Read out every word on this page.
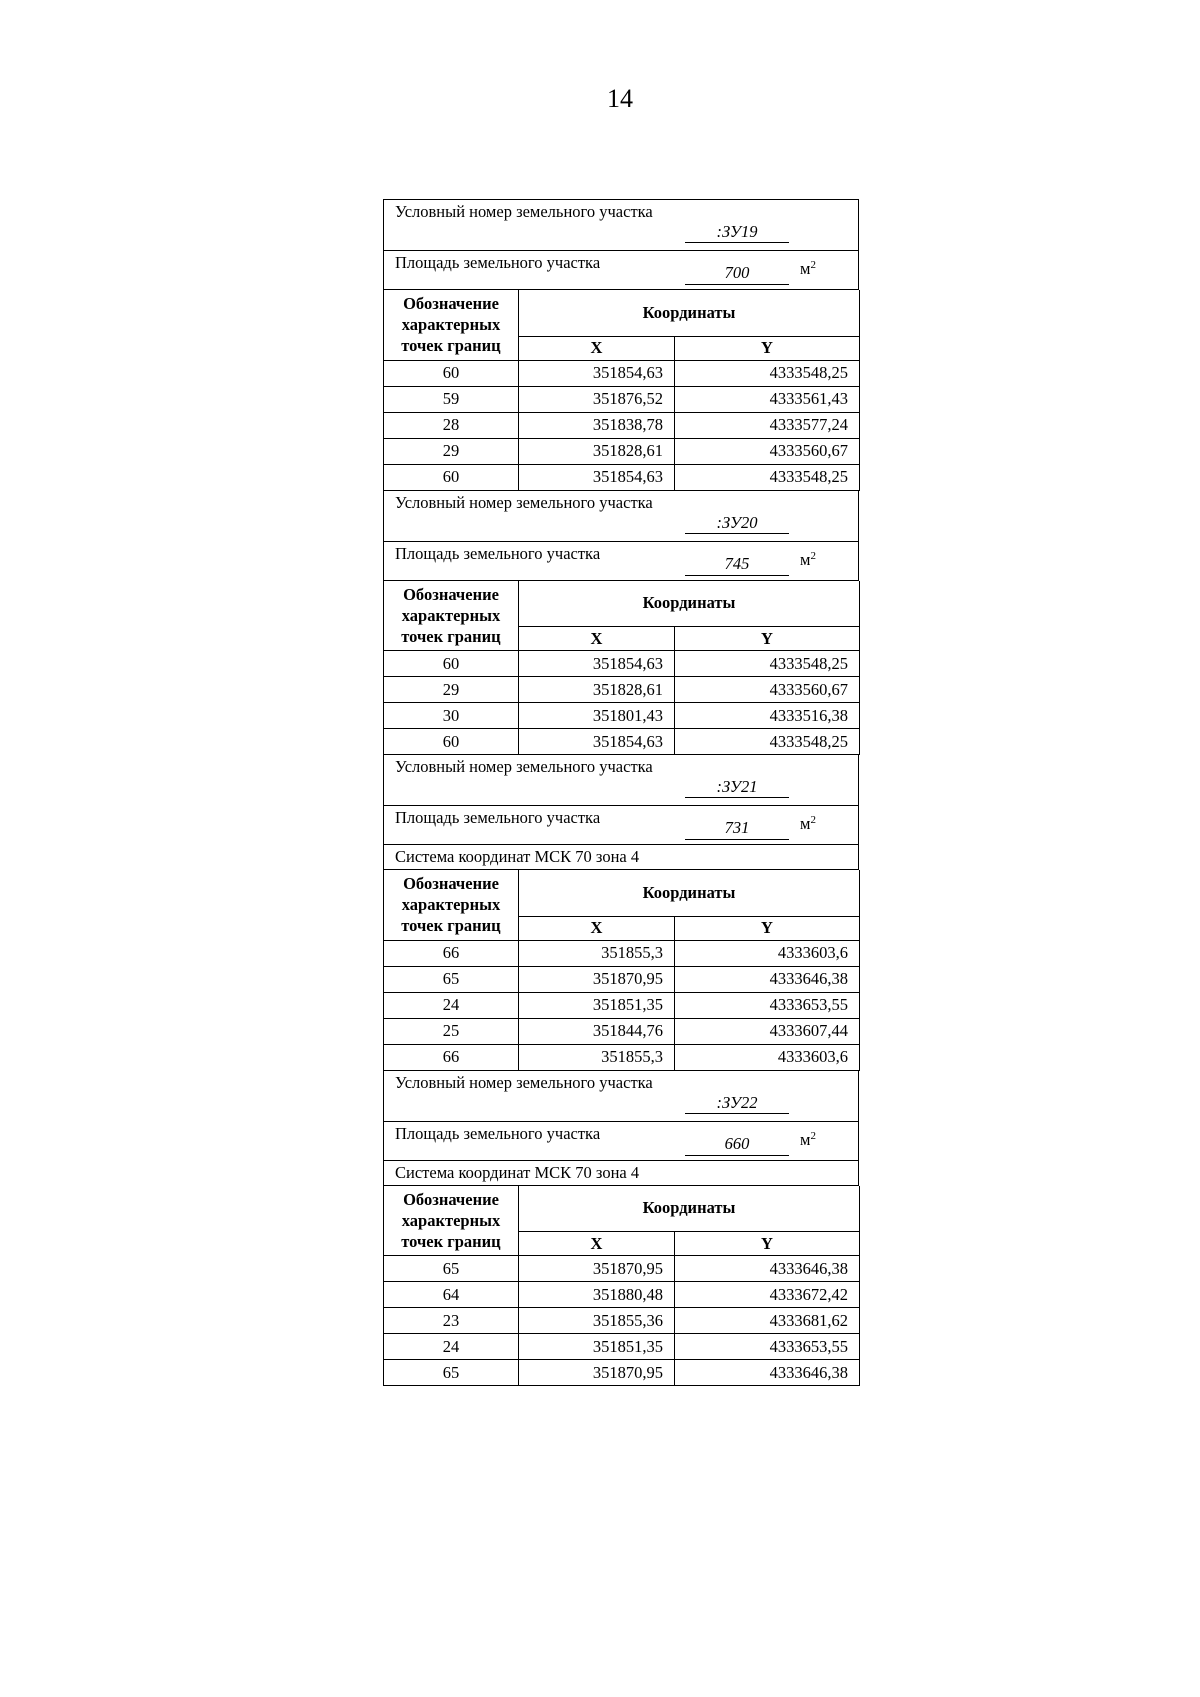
14
Условный номер земельного участка
:ЗУ19
Площадь земельного участка
700	$м^2$
Обозначение характерных точек границ	Координаты	
	X	Y
60	351854,63	4333548,25
59	351876,52	4333561,43
28	351838,78	4333577,24
29	351828,61	4333560,67
60	351854,63	4333548,25
Условный номер земельного участка
:ЗУ20
Площадь земельного участка
745	$м^2$
Обозначение характерных точек границ	Координаты	
	X	Y
60	351854,63	4333548,25
29	351828,61	4333560,67
30	351801,43	4333516,38
60	351854,63	4333548,25
Условный номер земельного участка
:ЗУ21
Площадь земельного участка
731	$м^2$
Система координат МСК 70 зона 4
Обозначение характерных точек границ	Координаты	
	X	Y
66	351855,3	4333603,6
65	351870,95	4333646,38
24	351851,35	4333653,55
25	351844,76	4333607,44
66	351855,3	4333603,6
Условный номер земельного участка
:ЗУ22
Площадь земельного участка
660	$м^2$
Система координат МСК 70 зона 4
Обозначение характерных точек границ	Координаты	
	X	Y
65	351870,95	4333646,38
64	351880,48	4333672,42
23	351855,36	4333681,62
24	351851,35	4333653,55
65	351870,95	4333646,38
